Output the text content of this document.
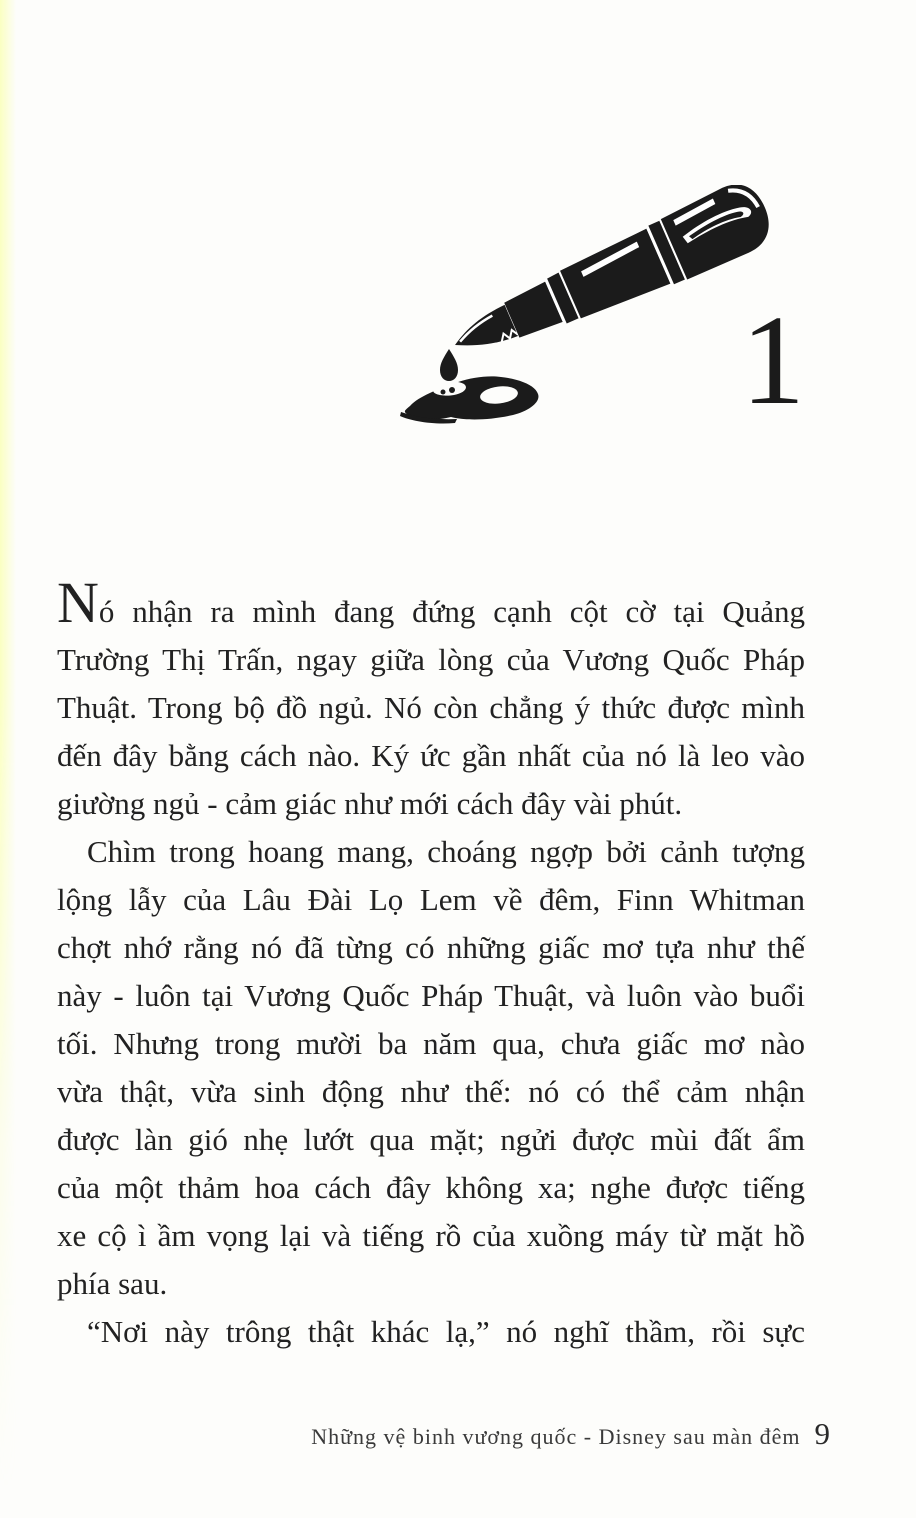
1
Nó nhận ra mình đang đứng cạnh cột cờ tại Quảng
Trường Thị Trấn, ngay giữa lòng của Vương Quốc Pháp
Thuật. Trong bộ đồ ngủ. Nó còn chẳng ý thức được mình
đến đây bằng cách nào. Ký ức gần nhất của nó là leo vào
giường ngủ - cảm giác như mới cách đây vài phút.
Chìm trong hoang mang, choáng ngợp bởi cảnh tượng
lộng lẫy của Lâu Đài Lọ Lem về đêm, Finn Whitman
chợt nhớ rằng nó đã từng có những giấc mơ tựa như thế
này - luôn tại Vương Quốc Pháp Thuật, và luôn vào buổi
tối. Nhưng trong mười ba năm qua, chưa giấc mơ nào
vừa thật, vừa sinh động như thế: nó có thể cảm nhận
được làn gió nhẹ lướt qua mặt; ngửi được mùi đất ẩm
của một thảm hoa cách đây không xa; nghe được tiếng
xe cộ ì ầm vọng lại và tiếng rồ của xuồng máy từ mặt hồ
phía sau.
“Nơi này trông thật khác lạ,” nó nghĩ thầm, rồi sực
Những vệ binh vương quốc - Disney sau màn đêm 9
